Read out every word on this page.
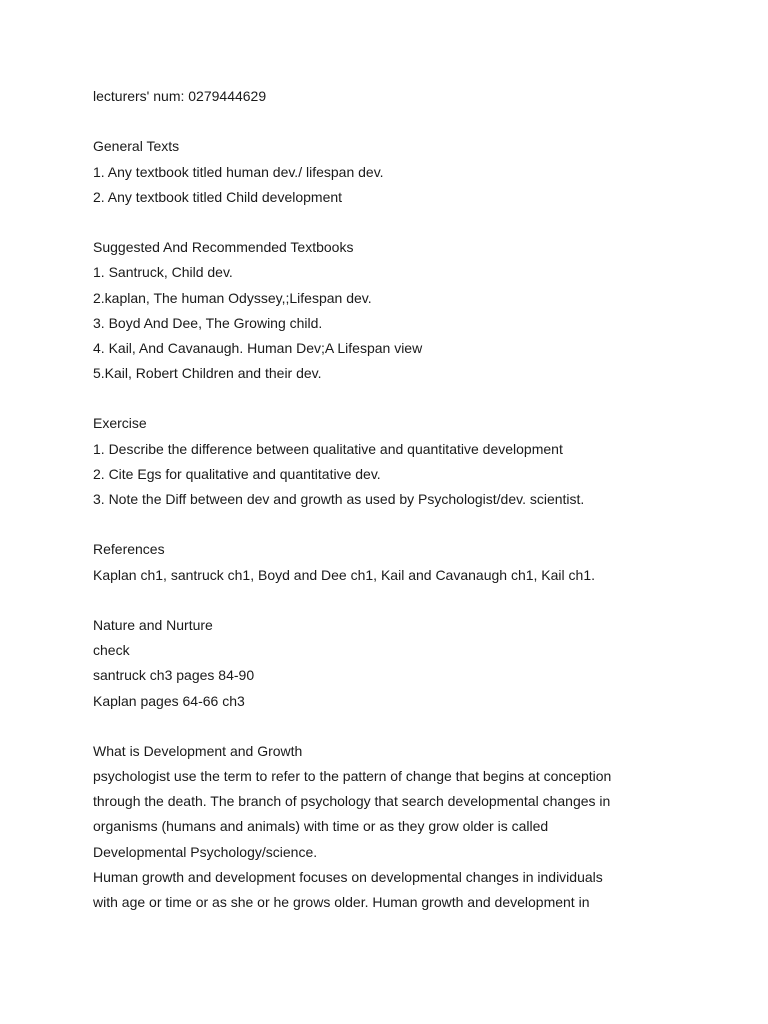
lecturers' num: 0279444629
General Texts
1. Any textbook titled human dev./ lifespan dev.
2. Any textbook titled Child development
Suggested And Recommended Textbooks
1. Santruck, Child dev.
2.kaplan, The human Odyssey,;Lifespan dev.
3. Boyd And Dee, The Growing child.
4. Kail, And Cavanaugh. Human Dev;A Lifespan view
5.Kail, Robert Children and their dev.
Exercise
1. Describe the difference between qualitative and quantitative development
2. Cite Egs for qualitative and quantitative dev.
3. Note the Diff between dev and growth as used by Psychologist/dev. scientist.
References
Kaplan ch1, santruck ch1, Boyd and Dee ch1, Kail and Cavanaugh ch1, Kail ch1.
Nature and Nurture
check
santruck ch3 pages 84-90
Kaplan pages 64-66 ch3
What is Development and Growth
psychologist use the term to refer to the pattern of change that begins at conception
through the death. The branch of psychology that search developmental changes in
organisms (humans and animals) with time or as they grow older is called
Developmental Psychology/science.
Human growth and development focuses on developmental changes in individuals
with age or time or as she or he grows older. Human growth and development in
